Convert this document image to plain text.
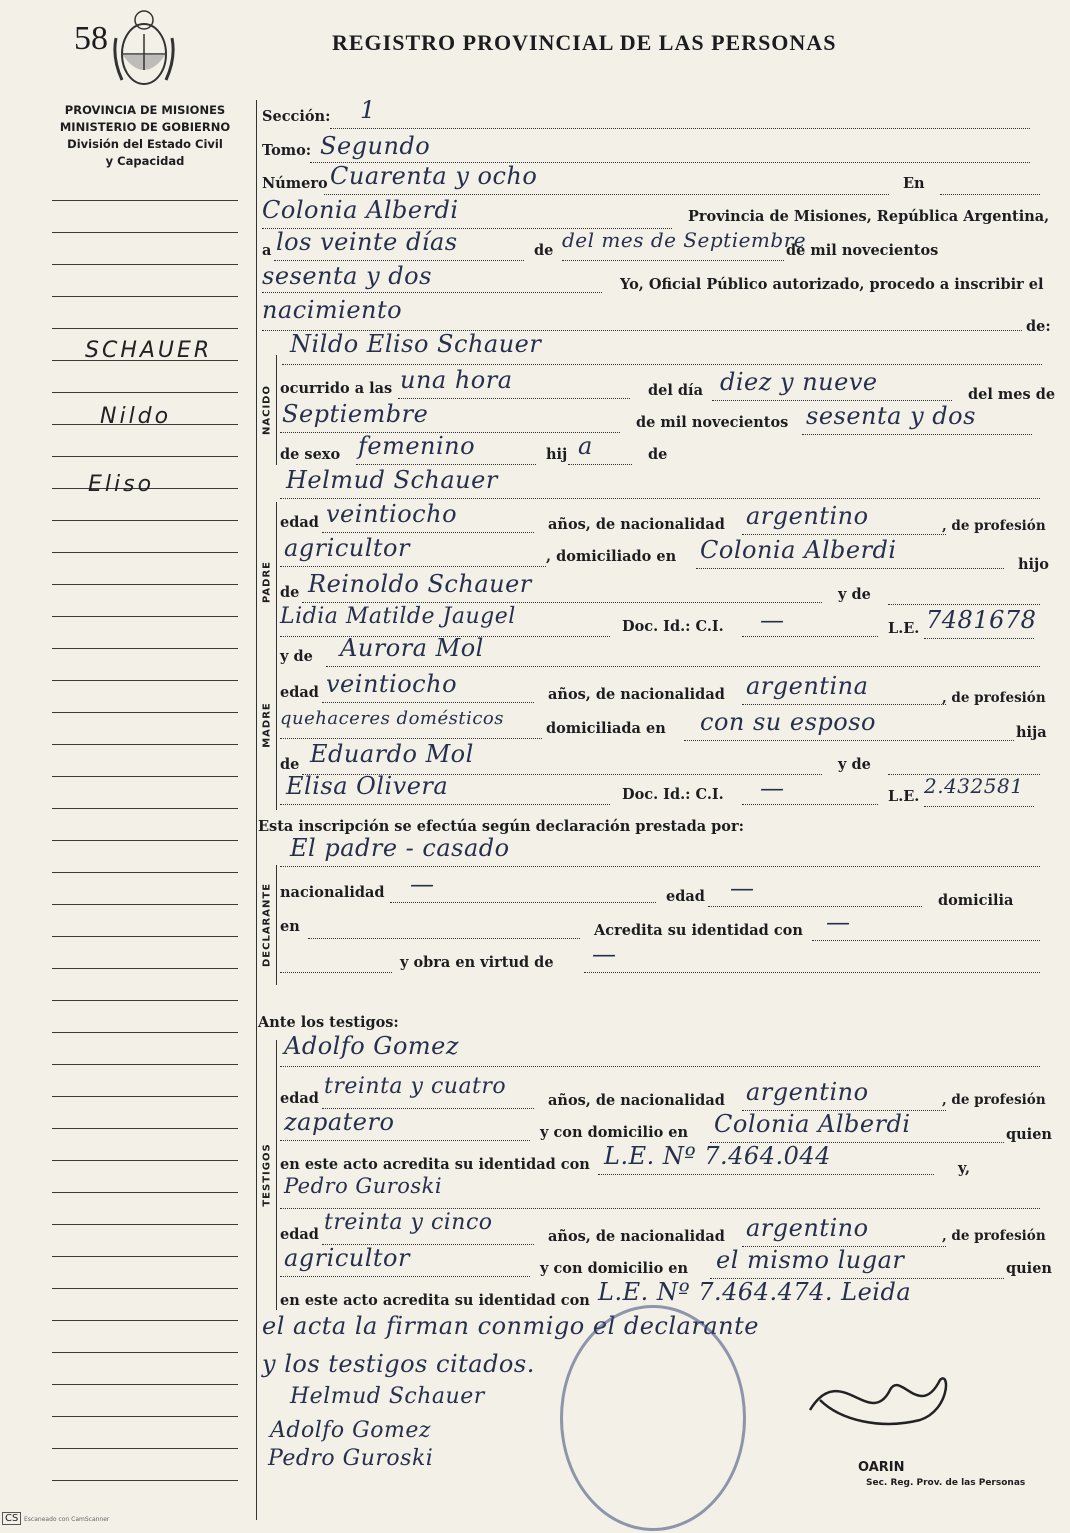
58	REGISTRO PROVINCIAL DE LAS PERSONAS
PROVINCIA DE MISIONES
MINISTERIO DE GOBIERNO
División del Estado Civil
y Capacidad
SCHAUER
Nildo
Eliso
NACIDO
PADRE
MADRE
DECLARANTE
TESTIGOS
Sección: 1
Tomo: Segundo
Número Cuarenta y ocho	En
Colonia Alberdi	Provincia de Misiones, República Argentina,
a los veinte días	de del mes de Septiembre
de mil novecientos
sesenta y dos	Yo, Oficial Público autorizado, procedo a inscribir el
nacimiento
de:
Nildo Eliso Schauer
ocurrido a las una hora	del día diez y nueve	del mes de
Septiembre	de mil novecientos sesenta y dos
de sexo femenino	hij a	de
Helmud Schauer
edad veintiocho	años, de nacionalidad argentino	, de profesión
agricultor	, domiciliado en Colonia Alberdi
hijo
de Reinoldo Schauer	y de
Lidia Matilde Jaugel	Doc. Id.: C.I. —	L.E. 7481678
y de Aurora Mol
edad veintiocho	años, de nacionalidad argentina	, de profesión
quehaceres domésticos	domiciliada en con su esposo	hija
de Eduardo Mol	y de
Elisa Olivera	Doc. Id.: C.I. —	L.E. 2.432581
Esta inscripción se efectúa según declaración prestada por:
El padre - casado
nacionalidad —	edad —	domicilia
en	Acredita su identidad con —
y obra en virtud de —
Ante los testigos:
Adolfo Gomez
edad treinta y cuatro
años, de nacionalidad argentino	, de profesión
zapatero	y con domicilio en Colonia Alberdi	quien
en este acto acredita su identidad con L.E. Nº 7.464.044	y,
Pedro Guroski
edad treinta y cinco
años, de nacionalidad argentino	, de profesión
agricultor	y con domicilio en el mismo lugar	quien
en este acto acredita su identidad con L.E. Nº 7.464.474. Leida
el acta la firman conmigo el declarante
y los testigos citados.
Helmud Schauer
Adolfo Gomez
Pedro Guroski	OARIN
Sec. Reg. Prov. de las Personas
CS Escaneado con CamScanner
